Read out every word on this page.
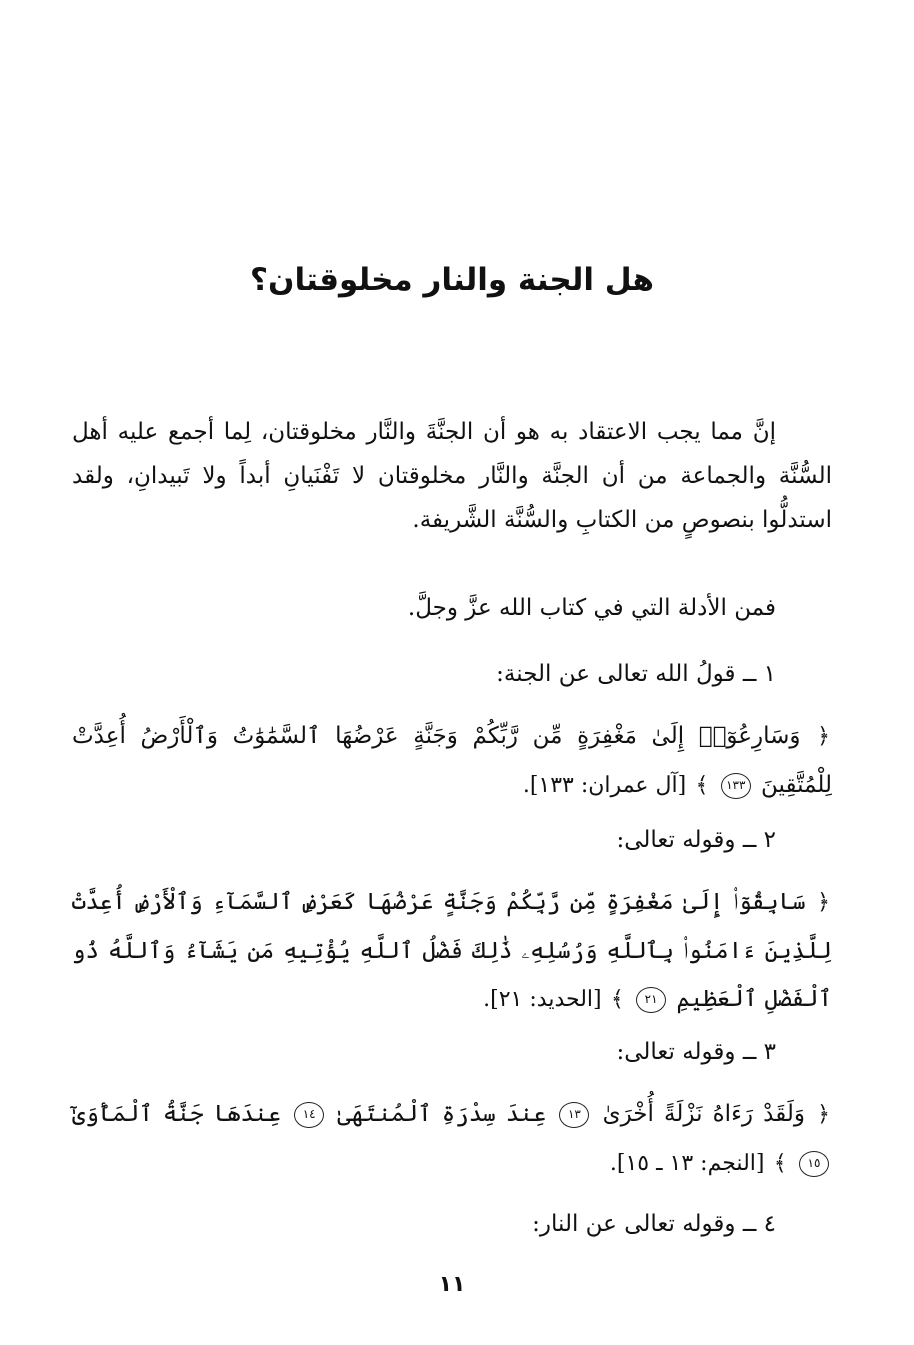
هل الجنة والنار مخلوقتان؟

إنَّ مما يجب الاعتقاد به هو أن الجنَّةَ والنَّار مخلوقتان، لِما أجمع عليه أهل السُّنَّة والجماعة من أن الجنَّة والنَّار مخلوقتان لا تَفْنَيانِ أبداً ولا تَبيدانِ، ولقد استدلُّوا بنصوصٍ من الكتابِ والسُّنَّة الشَّريفة.

فمن الأدلة التي في كتاب الله عزَّ وجلَّ.

١ ــ قولُ الله تعالى عن الجنة:

﴿ وَسَارِعُوٓا۟ إِلَىٰ مَغْفِرَةٍ مِّن رَّبِّكُمْ وَجَنَّةٍ عَرْضُهَا ٱلسَّمَٰوَٰتُ وَٱلْأَرْضُ أُعِدَّتْ لِلْمُتَّقِينَ ١٣٣ ﴾ [آل عمران: ١٣٣].

٢ ــ وقوله تعالى:

﴿ سَابِقُوٓا۟ إِلَىٰ مَغْفِرَةٍ مِّن رَّبِّكُمْ وَجَنَّةٍ عَرْضُهَا كَعَرْضِ ٱلسَّمَآءِ وَٱلْأَرْضِ أُعِدَّتْ لِلَّذِينَ ءَامَنُوا۟ بِٱللَّهِ وَرُسُلِهِۦ ذَٰلِكَ فَضْلُ ٱللَّهِ يُؤْتِيهِ مَن يَشَآءُ وَٱللَّهُ ذُو ٱلْفَضْلِ ٱلْعَظِيمِ ٢١ ﴾ [الحديد: ٢١].

٣ ــ وقوله تعالى:

﴿ وَلَقَدْ رَءَاهُ نَزْلَةً أُخْرَىٰ ١٣ عِندَ سِدْرَةِ ٱلْمُنتَهَىٰ ١٤ عِندَهَا جَنَّةُ ٱلْمَأْوَىٰٓ ١٥ ﴾ [النجم: ١٣ ـ ١٥].

٤ ــ وقوله تعالى عن النار:

١١
